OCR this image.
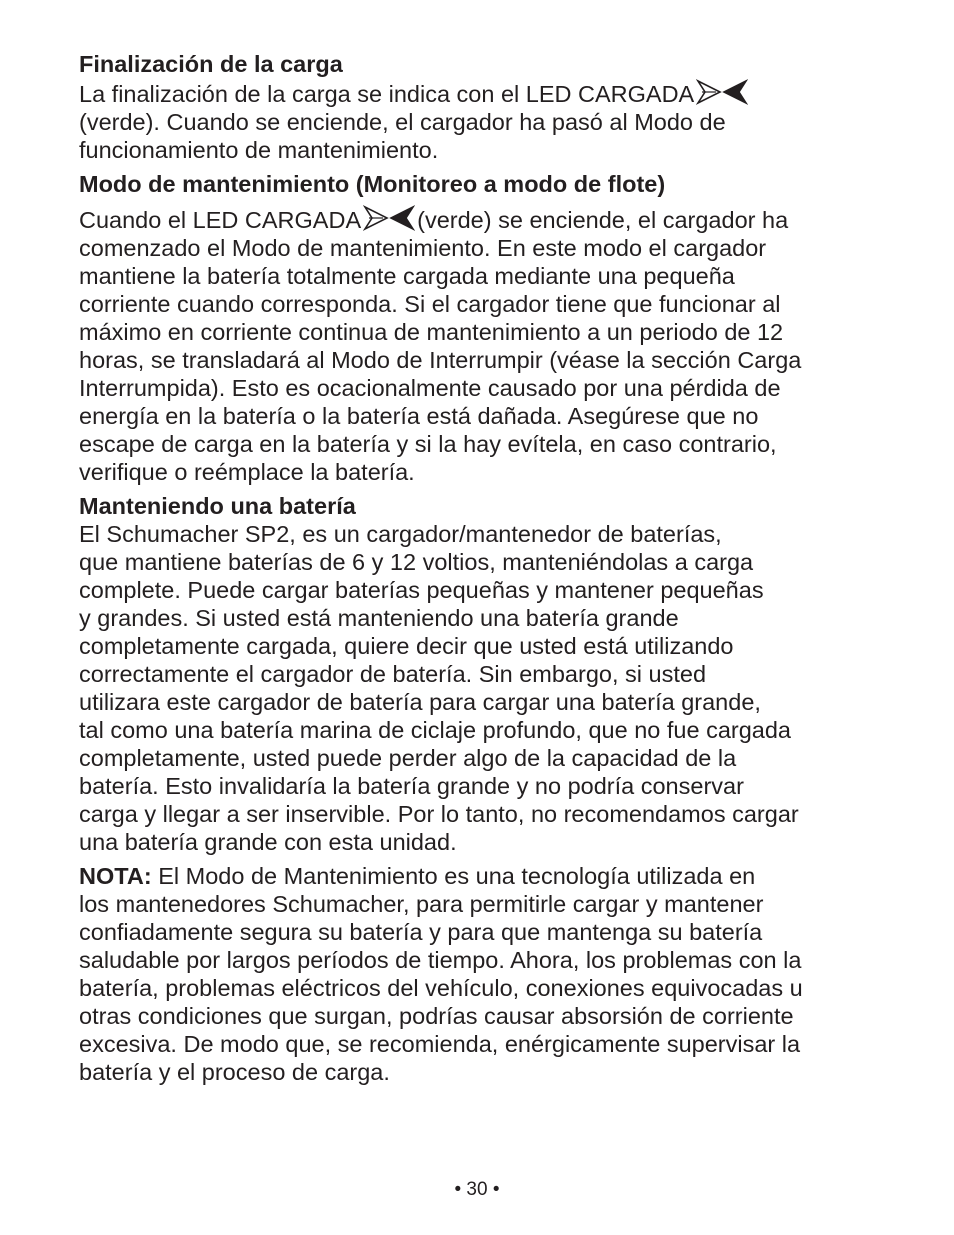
Finalización de la carga

La finalización de la carga se indica con el LED CARGADA
(verde). Cuando se enciende, el cargador ha pasó al Modo de
funcionamiento de mantenimiento.

Modo de mantenimiento (Monitoreo a modo de flote)

Cuando el LED CARGADA (verde) se enciende, el cargador ha
comenzado el Modo de mantenimiento. En este modo el cargador
mantiene la batería totalmente cargada mediante una pequeña
corriente cuando corresponda. Si el cargador tiene que funcionar al
máximo en corriente continua de mantenimiento a un periodo de 12
horas, se transladará al Modo de Interrumpir (véase la sección Carga
Interrumpida). Esto es ocacionalmente causado por una pérdida de
energía en la batería o la batería está dañada. Asegúrese que no
escape de carga en la batería y si la hay evítela, en caso contrario,
verifique o reémplace la batería.

Manteniendo una batería

El Schumacher SP2, es un cargador/mantenedor de baterías,
que mantiene baterías de 6 y 12 voltios, manteniéndolas a carga
complete. Puede cargar baterías pequeñas y mantener pequeñas
y grandes. Si usted está manteniendo una batería grande
completamente cargada, quiere decir que usted está utilizando
correctamente el cargador de batería. Sin embargo, si usted
utilizara este cargador de batería para cargar una batería grande,
tal como una batería marina de ciclaje profundo, que no fue cargada
completamente, usted puede perder algo de la capacidad de la
batería. Esto invalidaría la batería grande y no podría conservar
carga y llegar a ser inservible. Por lo tanto, no recomendamos cargar
una batería grande con esta unidad.

NOTA: El Modo de Mantenimiento es una tecnología utilizada en
los mantenedores Schumacher, para permitirle cargar y mantener
confiadamente segura su batería y para que mantenga su batería
saludable por largos períodos de tiempo. Ahora, los problemas con la
batería, problemas eléctricos del vehículo, conexiones equivocadas u
otras condiciones que surgan, podrías causar absorsión de corriente
excesiva. De modo que, se recomienda, enérgicamente supervisar la
batería y el proceso de carga.

• 30 •
